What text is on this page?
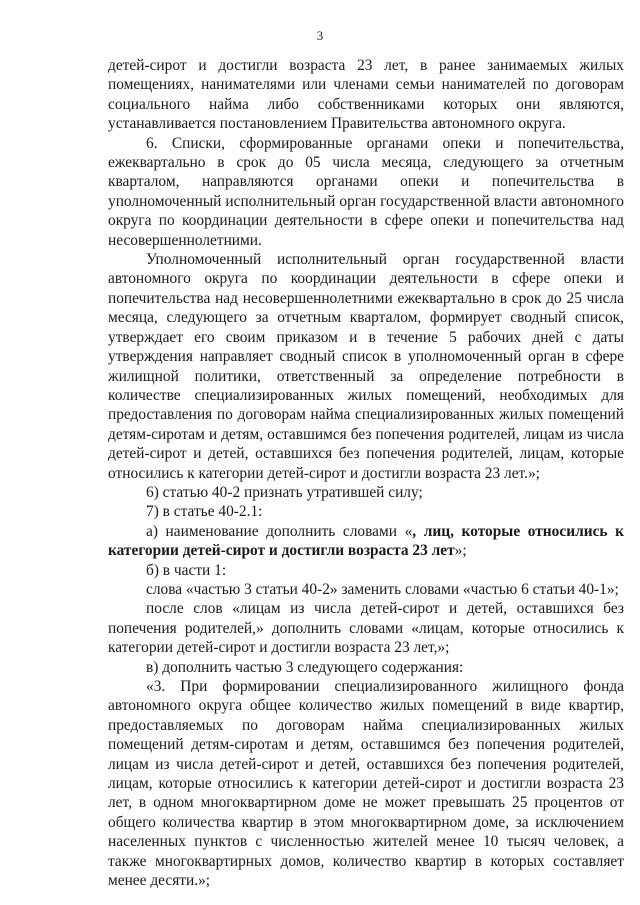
3

детей-сирот и достигли возраста 23 лет, в ранее занимаемых жилых помещениях, нанимателями или членами семьи нанимателей по договорам социального найма либо собственниками которых они являются, устанавливается постановлением Правительства автономного округа.

6. Списки, сформированные органами опеки и попечительства, ежеквартально в срок до 05 числа месяца, следующего за отчетным кварталом, направляются органами опеки и попечительства в уполномоченный исполнительный орган государственной власти автономного округа по координации деятельности в сфере опеки и попечительства над несовершеннолетними.

Уполномоченный исполнительный орган государственной власти автономного округа по координации деятельности в сфере опеки и попечительства над несовершеннолетними ежеквартально в срок до 25 числа месяца, следующего за отчетным кварталом, формирует сводный список, утверждает его своим приказом и в течение 5 рабочих дней с даты утверждения направляет сводный список в уполномоченный орган в сфере жилищной политики, ответственный за определение потребности в количестве специализированных жилых помещений, необходимых для предоставления по договорам найма специализированных жилых помещений детям-сиротам и детям, оставшимся без попечения родителей, лицам из числа детей-сирот и детей, оставшихся без попечения родителей, лицам, которые относились к категории детей-сирот и достигли возраста 23 лет.»;

6) статью 40-2 признать утратившей силу;

7) в статье 40-2.1:

а) наименование дополнить словами «, лиц, которые относились к категории детей-сирот и достигли возраста 23 лет»;

б) в части 1:

слова «частью 3 статьи 40-2» заменить словами «частью 6 статьи 40-1»;

после слов «лицам из числа детей-сирот и детей, оставшихся без попечения родителей,» дополнить словами «лицам, которые относились к категории детей-сирот и достигли возраста 23 лет,»;

в) дополнить частью 3 следующего содержания:

«3. При формировании специализированного жилищного фонда автономного округа общее количество жилых помещений в виде квартир, предоставляемых по договорам найма специализированных жилых помещений детям-сиротам и детям, оставшимся без попечения родителей, лицам из числа детей-сирот и детей, оставшихся без попечения родителей, лицам, которые относились к категории детей-сирот и достигли возраста 23 лет, в одном многоквартирном доме не может превышать 25 процентов от общего количества квартир в этом многоквартирном доме, за исключением населенных пунктов с численностью жителей менее 10 тысяч человек, а также многоквартирных домов, количество квартир в которых составляет менее десяти.»;
